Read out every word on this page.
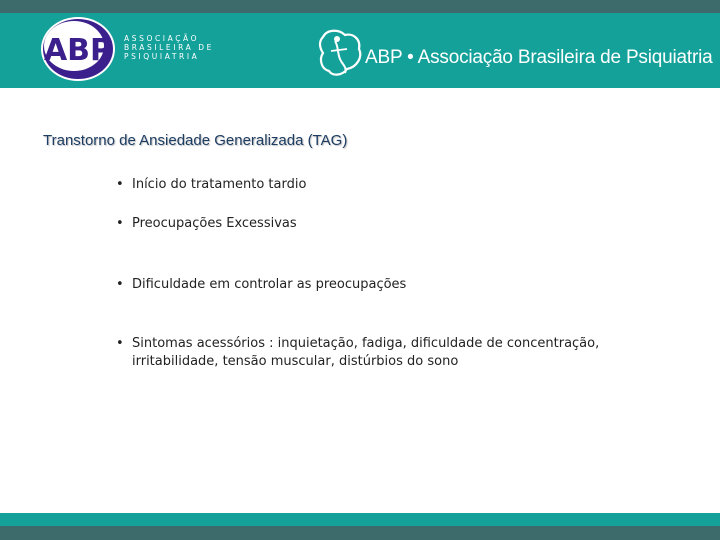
ABP ASSOCIAÇÃO
BRASILEIRA DE
PSIQUIATRIA	ABP • Associação Brasileira de Psiquiatria
Transtorno de Ansiedade Generalizada (TAG)
• Início do tratamento tardio
• Preocupações Excessivas
• Dificuldade em controlar as preocupações
• Sintomas acessórios : inquietação, fadiga, dificuldade de concentração, irritabilidade, tensão muscular, distúrbios do sono
